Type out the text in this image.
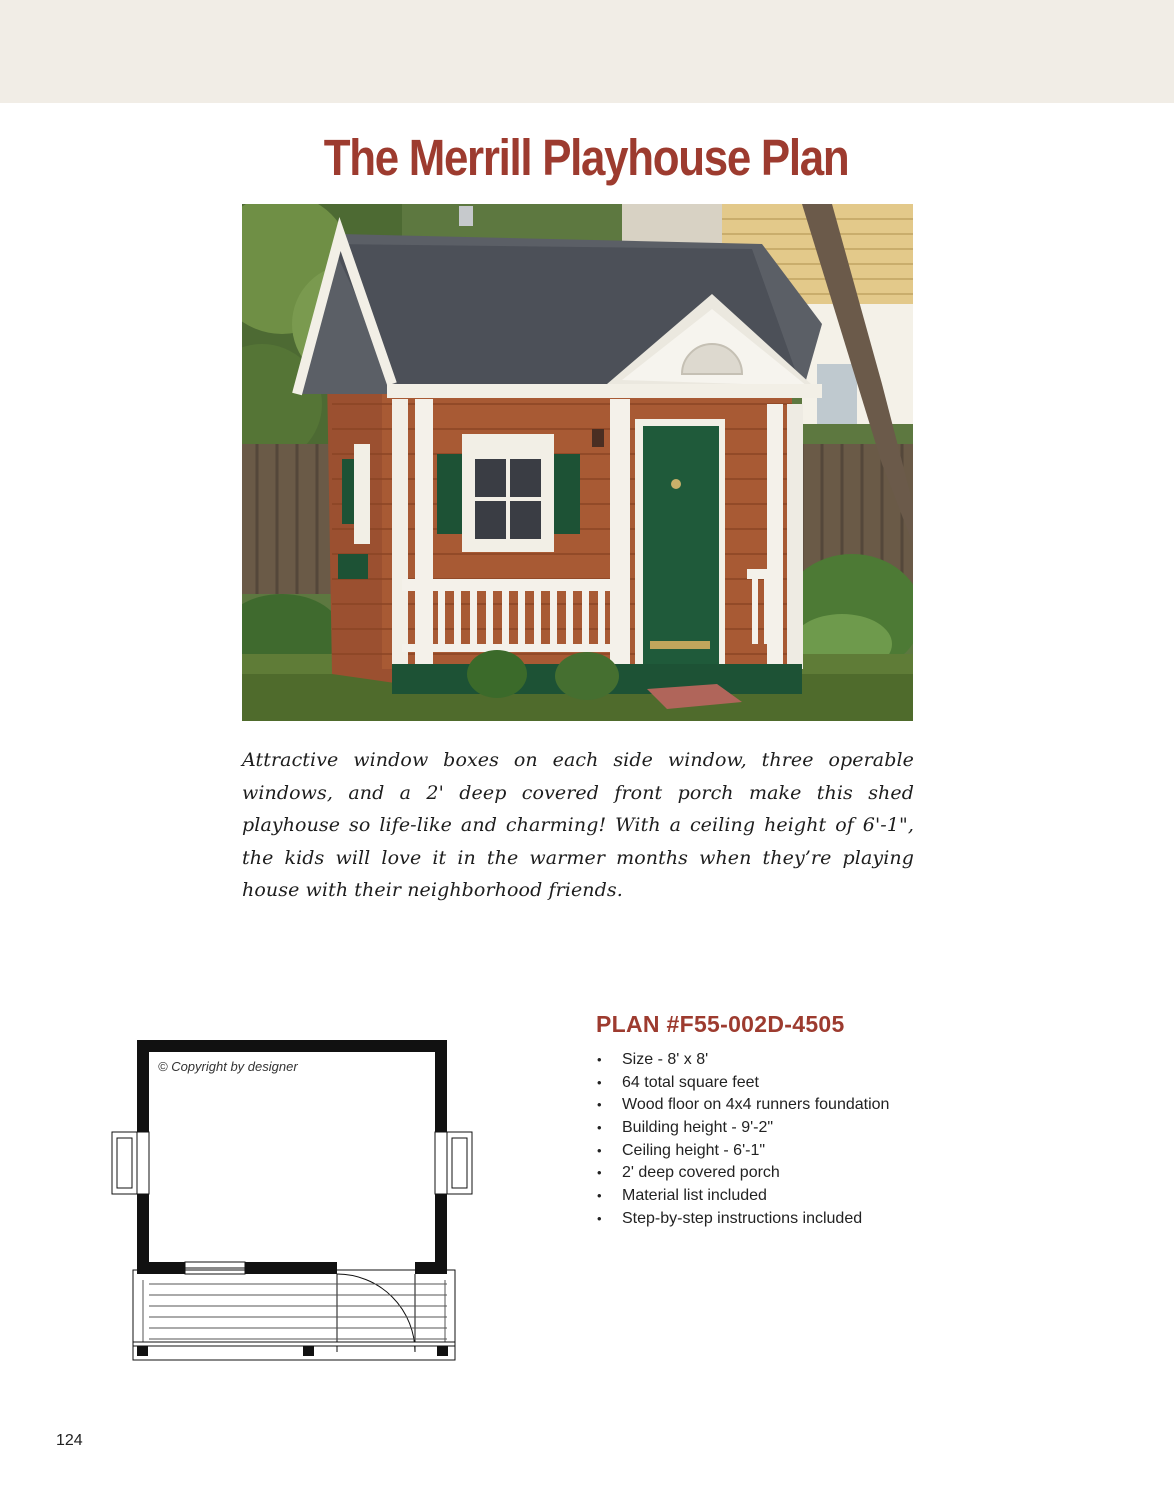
The Merrill Playhouse Plan

Attractive window boxes on each side window, three operable windows, and a 2' deep covered front porch make this shed playhouse so life-like and charming! With a ceiling height of 6'-1", the kids will love it in the warmer months when they’re playing house with their neighborhood friends.

© Copyright by designer
PLAN #F55-002D-4505
• Size - 8' x 8'
• 64 total square feet
• Wood floor on 4x4 runners foundation
• Building height - 9'-2"
• Ceiling height - 6'-1"
• 2' deep covered porch
• Material list included
• Step-by-step instructions included
124
